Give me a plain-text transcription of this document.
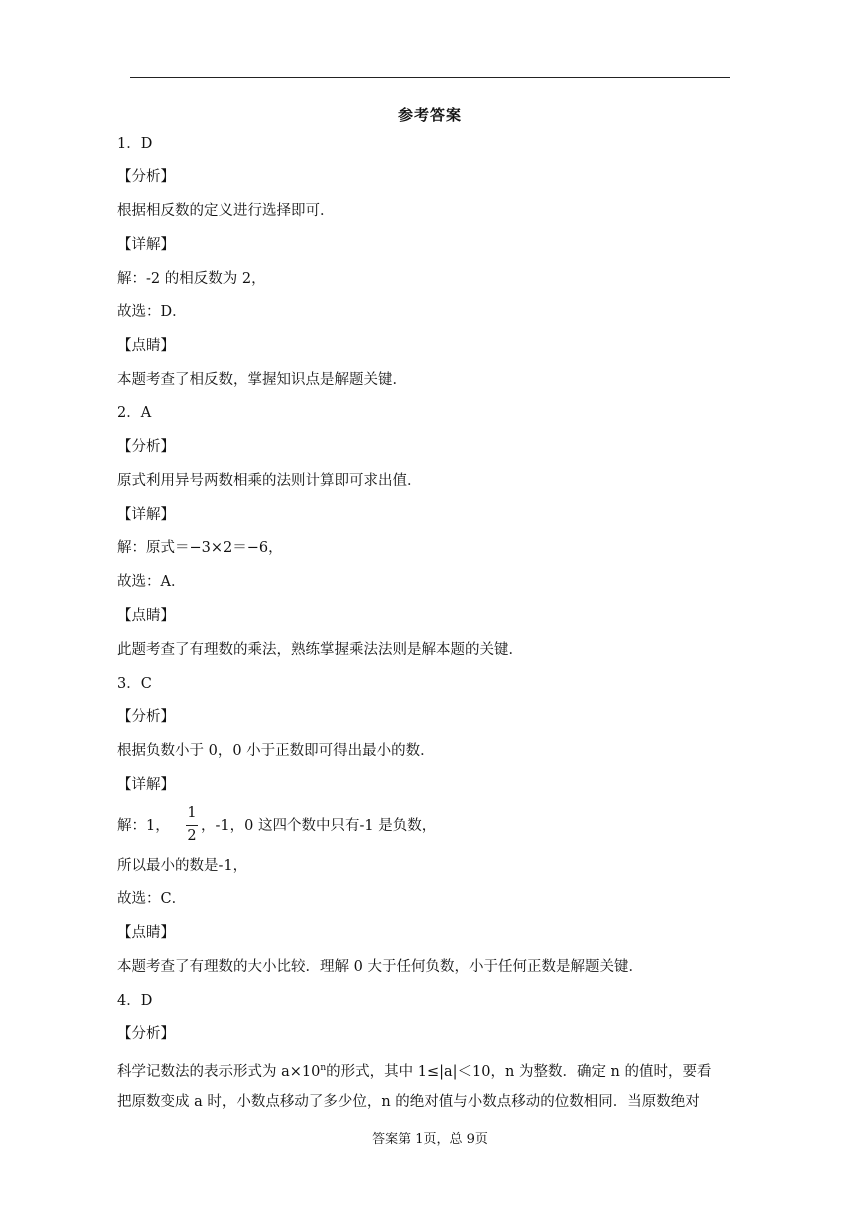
参考答案
1．D
【分析】
根据相反数的定义进行选择即可．
【详解】
解：-2 的相反数为 2，
故选：D．
【点睛】
本题考查了相反数，掌握知识点是解题关键．
2．A
【分析】
原式利用异号两数相乘的法则计算即可求出值．
【详解】
解：原式＝−3×2＝−6，
故选：A．
【点睛】
此题考查了有理数的乘法，熟练掌握乘法法则是解本题的关键．
3．C
【分析】
根据负数小于 0，0 小于正数即可得出最小的数．
【详解】
解：1，
1
2
，-1，0 这四个数中只有-1 是负数，
所以最小的数是-1，
故选：C．
【点睛】
本题考查了有理数的大小比较．理解 0 大于任何负数，小于任何正数是解题关键．
4．D
【分析】
科学记数法的表示形式为 $a\times 10^n$的形式，其中 1≤|a|＜10，n 为整数．确定 n 的值时，要看
把原数变成 a 时，小数点移动了多少位，n 的绝对值与小数点移动的位数相同．当原数绝对
答案第 1页，总 9页
